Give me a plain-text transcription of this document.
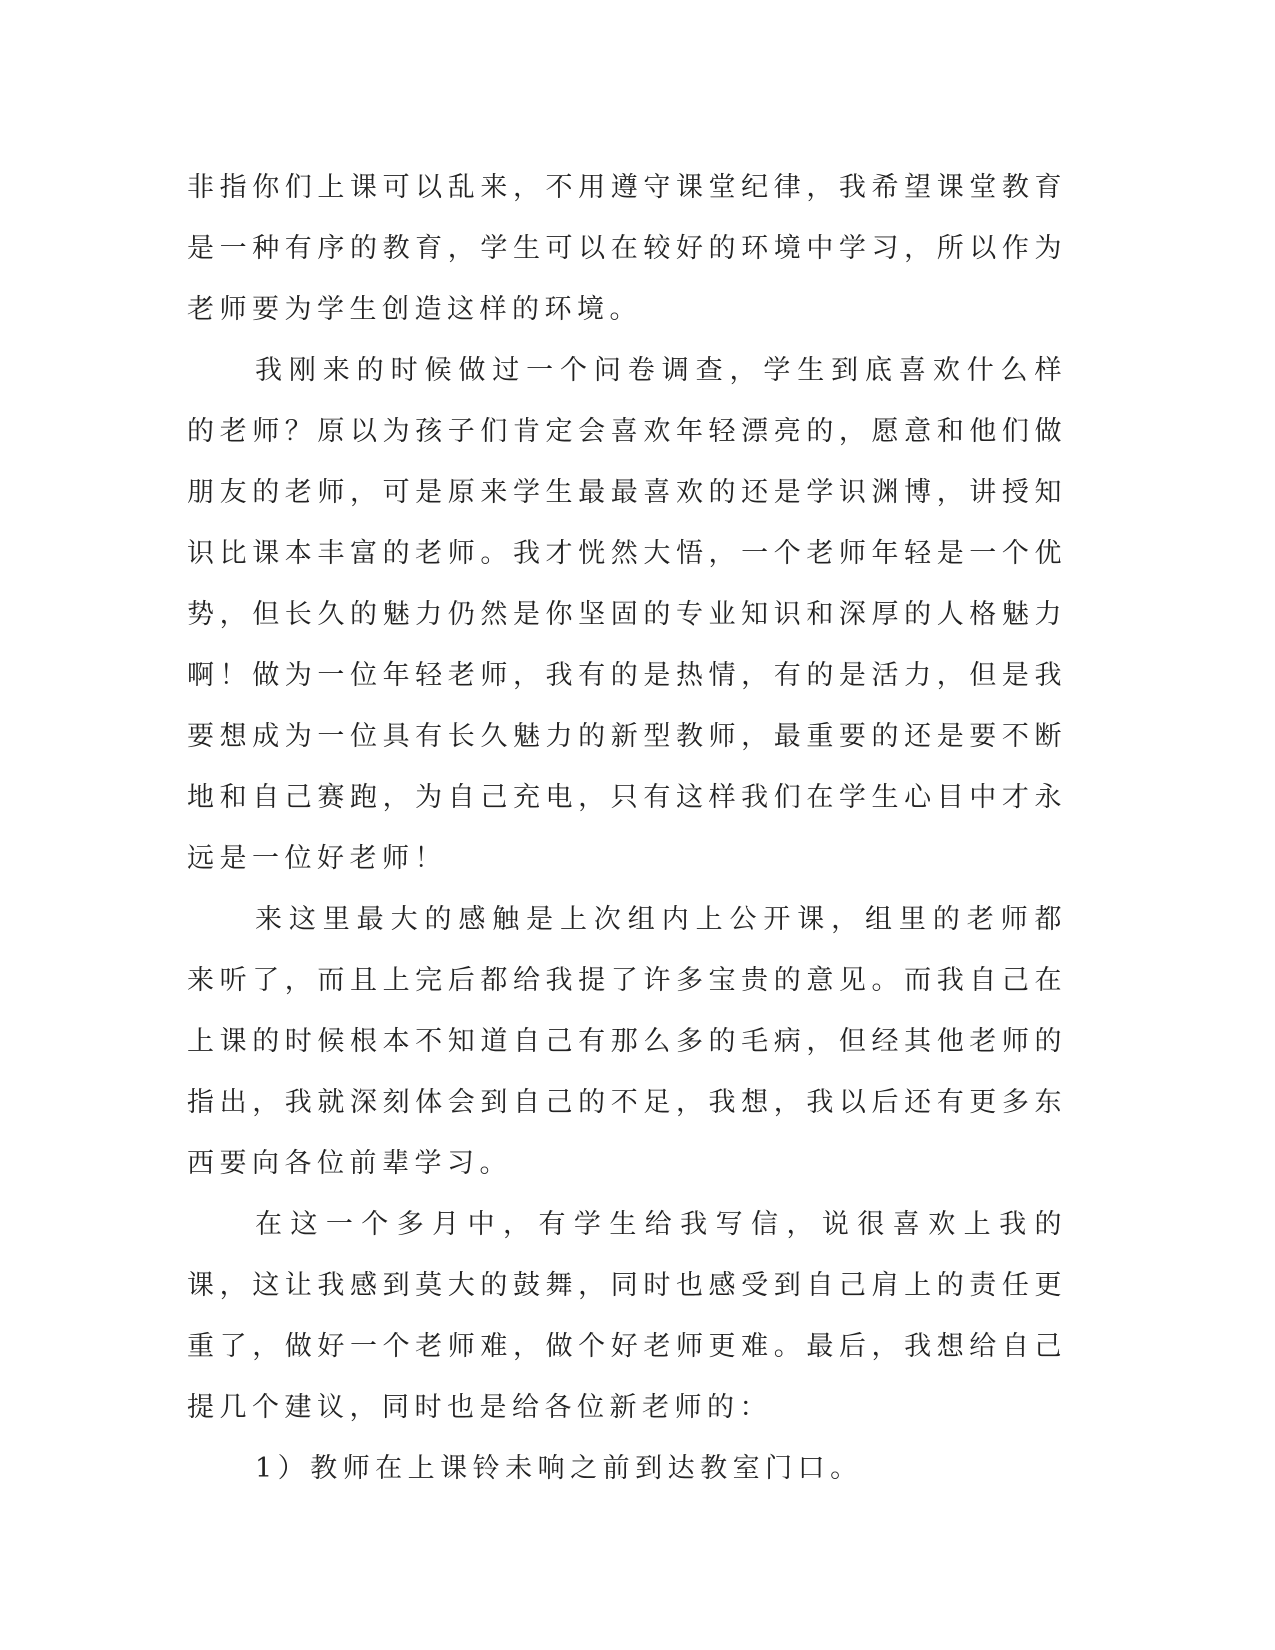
非指你们上课可以乱来，不用遵守课堂纪律，我希望课堂教育是一种有序的教育，学生可以在较好的环境中学习，所以作为老师要为学生创造这样的环境。

我刚来的时候做过一个问卷调查，学生到底喜欢什么样的老师？原以为孩子们肯定会喜欢年轻漂亮的，愿意和他们做朋友的老师，可是原来学生最最喜欢的还是学识渊博，讲授知识比课本丰富的老师。我才恍然大悟，一个老师年轻是一个优势，但长久的魅力仍然是你坚固的专业知识和深厚的人格魅力啊！做为一位年轻老师，我有的是热情，有的是活力，但是我要想成为一位具有长久魅力的新型教师，最重要的还是要不断地和自己赛跑，为自己充电，只有这样我们在学生心目中才永远是一位好老师！

来这里最大的感触是上次组内上公开课，组里的老师都来听了，而且上完后都给我提了许多宝贵的意见。而我自己在上课的时候根本不知道自己有那么多的毛病，但经其他老师的指出，我就深刻体会到自己的不足，我想，我以后还有更多东西要向各位前辈学习。

在这一个多月中，有学生给我写信，说很喜欢上我的课，这让我感到莫大的鼓舞，同时也感受到自己肩上的责任更重了，做好一个老师难，做个好老师更难。最后，我想给自己提几个建议，同时也是给各位新老师的：

1）教师在上课铃未响之前到达教室门口。
